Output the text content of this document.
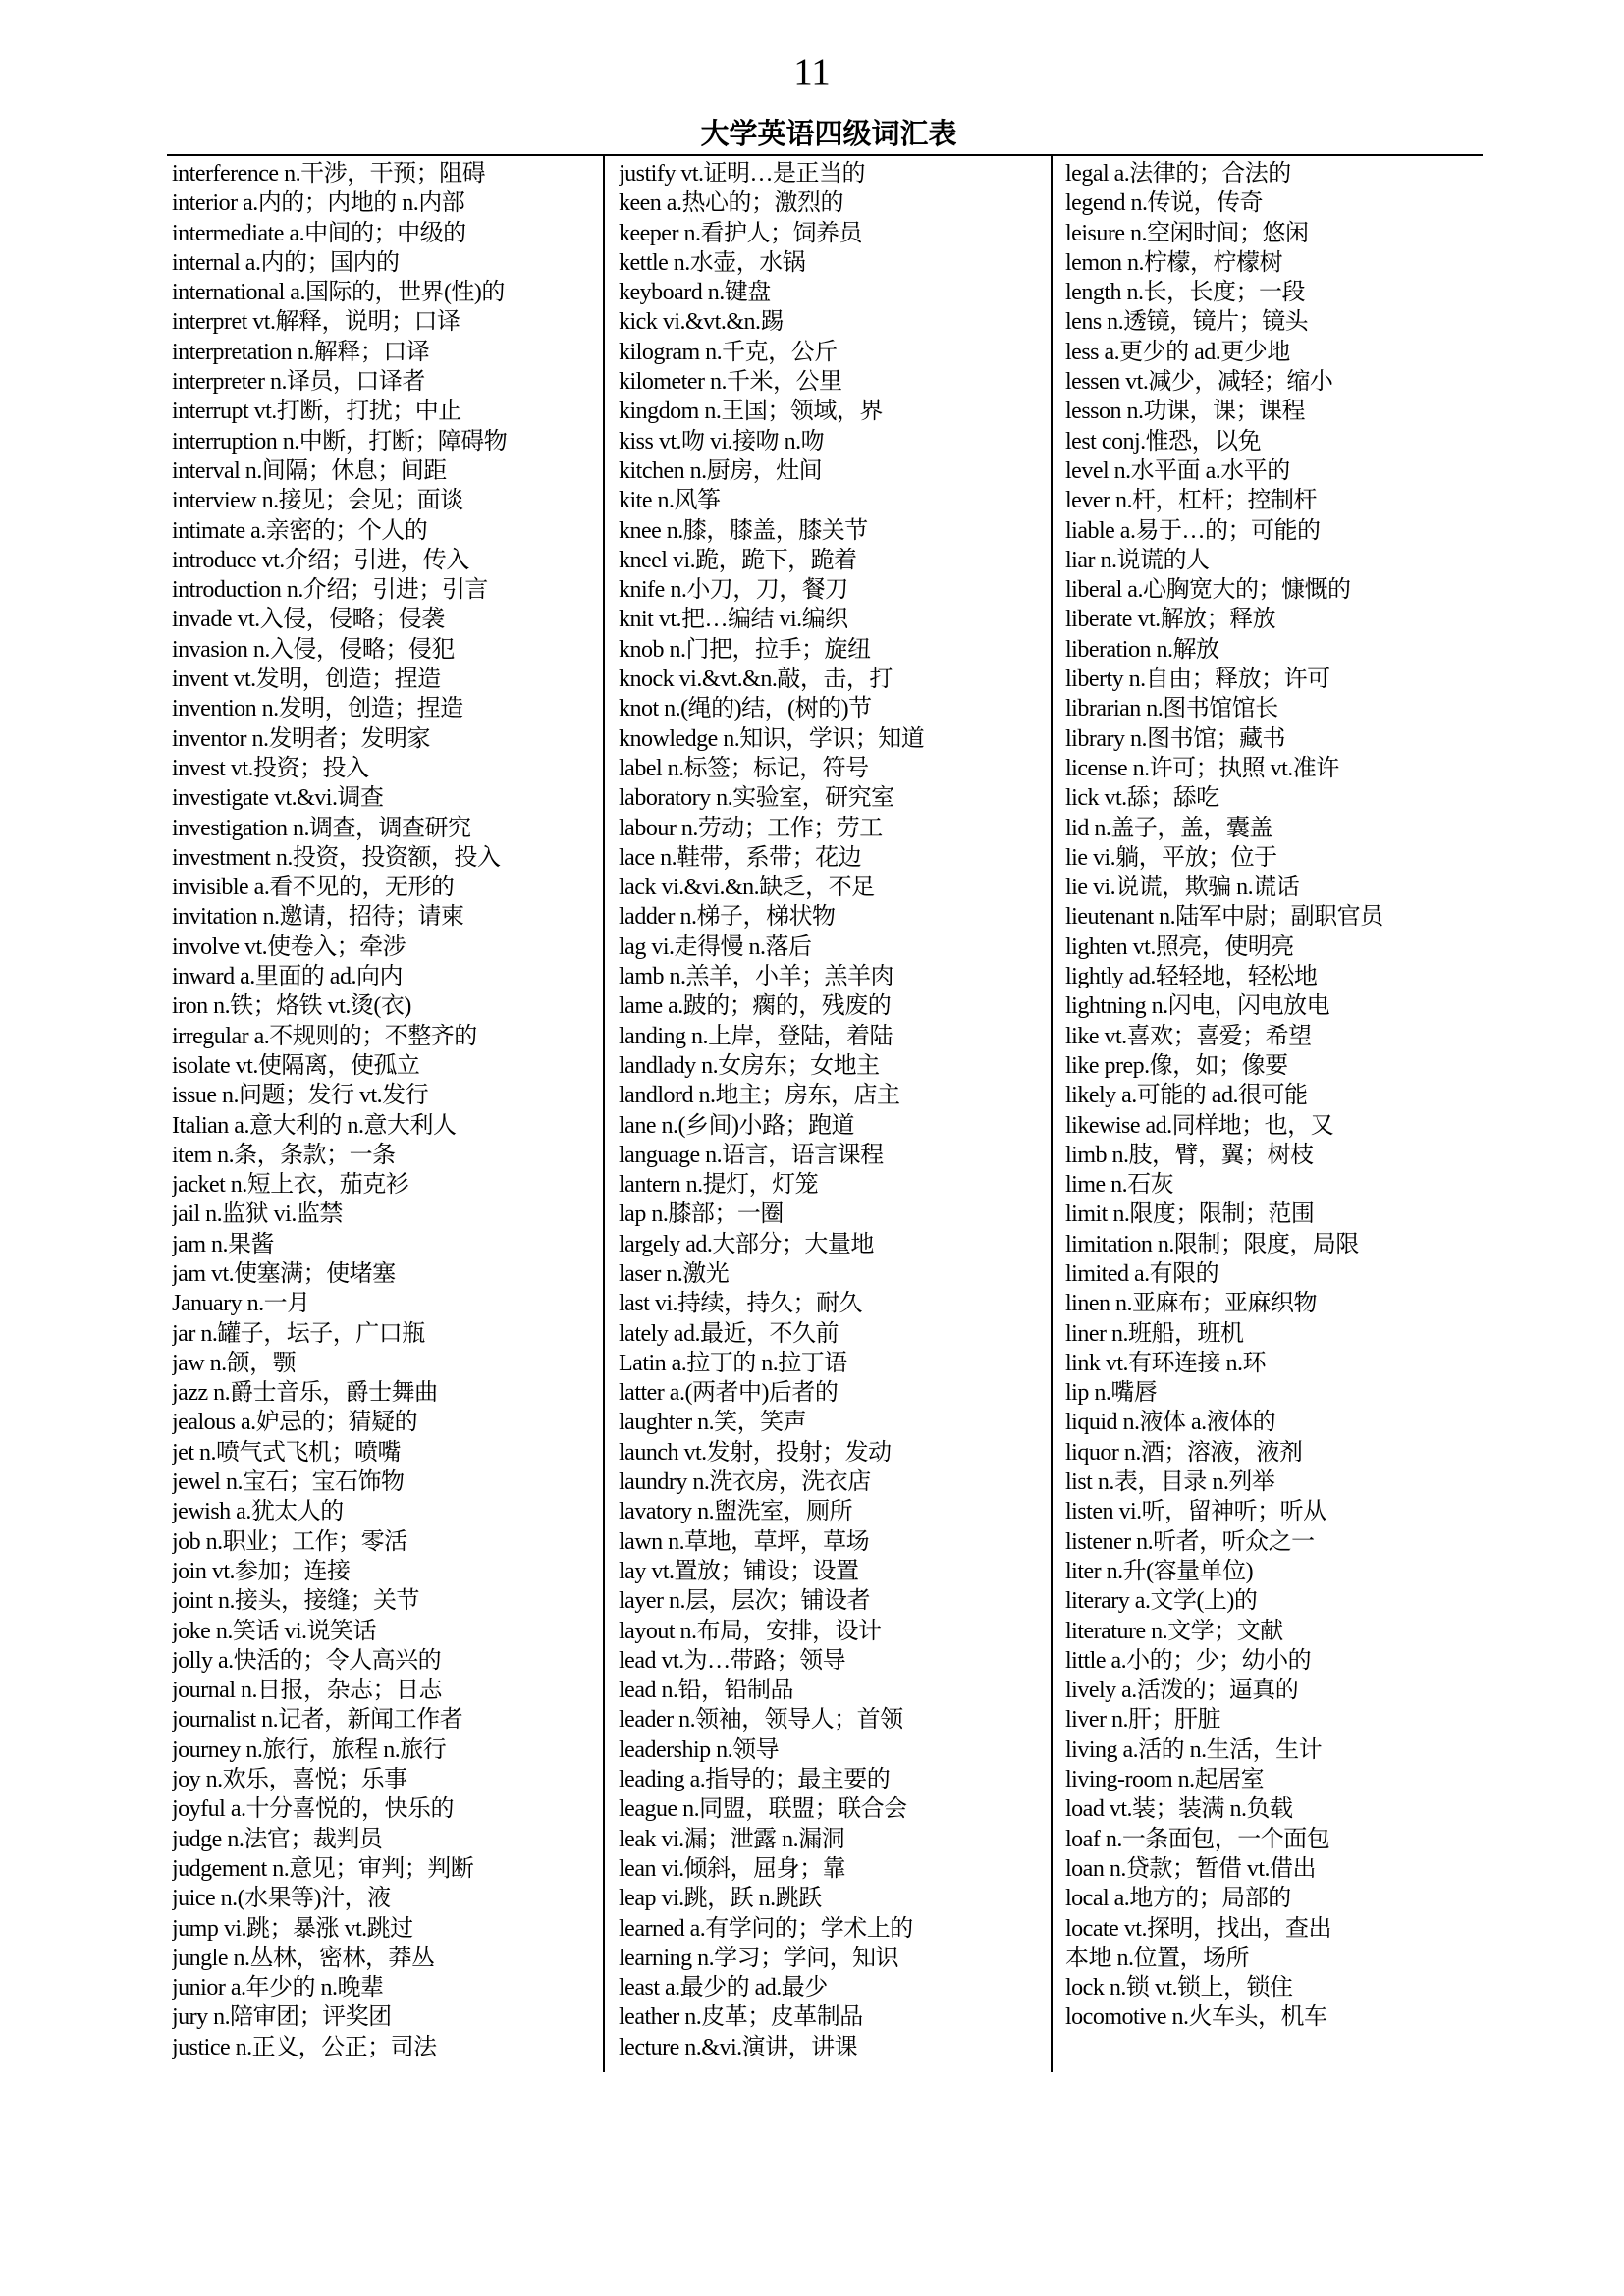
11
大学英语四级词汇表
interference n.干涉，干预；阻碍
interior a.内的；内地的 n.内部
intermediate a.中间的；中级的
internal a.内的；国内的
international a.国际的，世界(性)的
interpret vt.解释，说明；口译
interpretation n.解释；口译
interpreter n.译员，口译者
interrupt vt.打断，打扰；中止
interruption n.中断，打断；障碍物
interval n.间隔；休息；间距
interview n.接见；会见；面谈
intimate a.亲密的；个人的
introduce vt.介绍；引进，传入
introduction n.介绍；引进；引言
invade vt.入侵，侵略；侵袭
invasion n.入侵，侵略；侵犯
invent vt.发明，创造；捏造
invention n.发明，创造；捏造
inventor n.发明者；发明家
invest vt.投资；投入
investigate vt.&vi.调查
investigation n.调查，调查研究
investment n.投资，投资额，投入
invisible a.看不见的，无形的
invitation n.邀请，招待；请柬
involve vt.使卷入；牵涉
inward a.里面的 ad.向内
iron n.铁；烙铁 vt.烫(衣)
irregular a.不规则的；不整齐的
isolate vt.使隔离，使孤立
issue n.问题；发行 vt.发行
Italian a.意大利的 n.意大利人
item n.条，条款；一条
jacket n.短上衣，茄克衫
jail n.监狱 vi.监禁
jam n.果酱
jam vt.使塞满；使堵塞
January n.一月
jar n.罐子，坛子，广口瓶
jaw n.颌，颚
jazz n.爵士音乐，爵士舞曲
jealous a.妒忌的；猜疑的
jet n.喷气式飞机；喷嘴
jewel n.宝石；宝石饰物
jewish a.犹太人的
job n.职业；工作；零活
join vt.参加；连接
joint n.接头，接缝；关节
joke n.笑话 vi.说笑话
jolly a.快活的；令人高兴的
journal n.日报，杂志；日志
journalist n.记者，新闻工作者
journey n.旅行，旅程 n.旅行
joy n.欢乐，喜悦；乐事
joyful a.十分喜悦的，快乐的
judge n.法官；裁判员
judgement n.意见；审判；判断
juice n.(水果等)汁，液
jump vi.跳；暴涨 vt.跳过
jungle n.丛林，密林，莽丛
junior a.年少的 n.晚辈
jury n.陪审团；评奖团
justice n.正义，公正；司法
justify vt.证明…是正当的
keen a.热心的；激烈的
keeper n.看护人；饲养员
kettle n.水壶，水锅
keyboard n.键盘
kick vi.&vt.&n.踢
kilogram n.千克，公斤
kilometer n.千米，公里
kingdom n.王国；领域，界
kiss vt.吻 vi.接吻 n.吻
kitchen n.厨房，灶间
kite n.风筝
knee n.膝，膝盖，膝关节
kneel vi.跪，跪下，跪着
knife n.小刀，刀，餐刀
knit vt.把…编结 vi.编织
knob n.门把，拉手；旋纽
knock vi.&vt.&n.敲，击，打
knot n.(绳的)结，(树的)节
knowledge n.知识，学识；知道
label n.标签；标记，符号
laboratory n.实验室，研究室
labour n.劳动；工作；劳工
lace n.鞋带，系带；花边
lack vi.&vi.&n.缺乏，不足
ladder n.梯子，梯状物
lag vi.走得慢 n.落后
lamb n.羔羊，小羊；羔羊肉
lame a.跛的；瘸的，残废的
landing n.上岸，登陆，着陆
landlady n.女房东；女地主
landlord n.地主；房东，店主
lane n.(乡间)小路；跑道
language n.语言，语言课程
lantern n.提灯，灯笼
lap n.膝部；一圈
largely ad.大部分；大量地
laser n.激光
last vi.持续，持久；耐久
lately ad.最近，不久前
Latin a.拉丁的 n.拉丁语
latter a.(两者中)后者的
laughter n.笑，笑声
launch vt.发射，投射；发动
laundry n.洗衣房，洗衣店
lavatory n.盥洗室，厕所
lawn n.草地，草坪，草场
lay vt.置放；铺设；设置
layer n.层，层次；铺设者
layout n.布局，安排，设计
lead vt.为…带路；领导
lead n.铅，铅制品
leader n.领袖，领导人；首领
leadership n.领导
leading a.指导的；最主要的
league n.同盟，联盟；联合会
leak vi.漏；泄露 n.漏洞
lean vi.倾斜，屈身；靠
leap vi.跳，跃 n.跳跃
learned a.有学问的；学术上的
learning n.学习；学问，知识
least a.最少的 ad.最少
leather n.皮革；皮革制品
lecture n.&vi.演讲，讲课
legal a.法律的；合法的
legend n.传说，传奇
leisure n.空闲时间；悠闲
lemon n.柠檬，柠檬树
length n.长，长度；一段
lens n.透镜，镜片；镜头
less a.更少的 ad.更少地
lessen vt.减少，减轻；缩小
lesson n.功课，课；课程
lest conj.惟恐，以免
level n.水平面 a.水平的
lever n.杆，杠杆；控制杆
liable a.易于…的；可能的
liar n.说谎的人
liberal a.心胸宽大的；慷慨的
liberate vt.解放；释放
liberation n.解放
liberty n.自由；释放；许可
librarian n.图书馆馆长
library n.图书馆；藏书
license n.许可；执照 vt.准许
lick vt.舔；舔吃
lid n.盖子，盖，囊盖
lie vi.躺，平放；位于
lie vi.说谎，欺骗 n.谎话
lieutenant n.陆军中尉；副职官员
lighten vt.照亮，使明亮
lightly ad.轻轻地，轻松地
lightning n.闪电，闪电放电
like vt.喜欢；喜爱；希望
like prep.像，如；像要
likely a.可能的 ad.很可能
likewise ad.同样地；也，又
limb n.肢，臂，翼；树枝
lime n.石灰
limit n.限度；限制；范围
limitation n.限制；限度，局限
limited a.有限的
linen n.亚麻布；亚麻织物
liner n.班船，班机
link vt.有环连接 n.环
lip n.嘴唇
liquid n.液体 a.液体的
liquor n.酒；溶液，液剂
list n.表，目录 n.列举
listen vi.听，留神听；听从
listener n.听者，听众之一
liter n.升(容量单位)
literary a.文学(上)的
literature n.文学；文献
little a.小的；少；幼小的
lively a.活泼的；逼真的
liver n.肝；肝脏
living a.活的 n.生活，生计
living-room n.起居室
load vt.装；装满 n.负载
loaf n.一条面包，一个面包
loan n.贷款；暂借 vt.借出
local a.地方的；局部的
locate vt.探明，找出，查出
本地 n.位置，场所
lock n.锁 vt.锁上，锁住
locomotive n.火车头，机车
